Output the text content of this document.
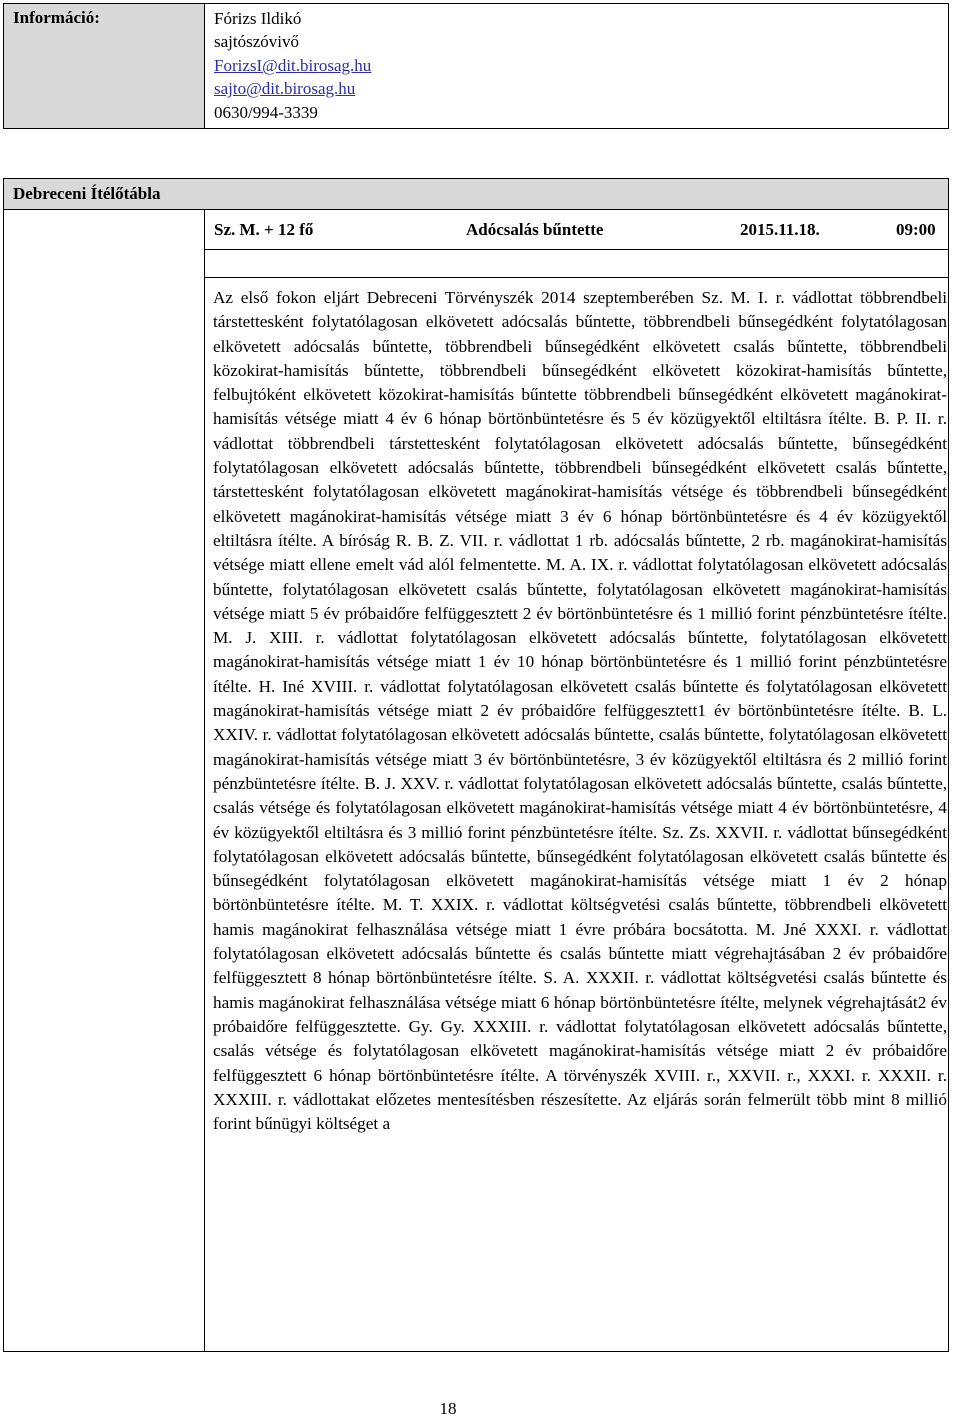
Információ:	Fórizs Ildikó
sajtószóvivő
ForizsI@dit.birosag.hu
sajto@dit.birosag.hu
0630/994-3339
Debreceni Ítélőtábla
Sz. M. + 12 fő	Adócsalás bűntette	2015.11.18.	09:00
Az első fokon eljárt Debreceni Törvényszék 2014 szeptemberében Sz. M. I. r. vádlottat többrendbeli társtettesként folytatólagosan elkövetett adócsalás bűntette, többrendbeli bűnsegédként folytatólagosan elkövetett adócsalás bűntette, többrendbeli bűnsegédként elkövetett csalás bűntette, többrendbeli közokirat-hamisítás bűntette, többrendbeli bűnsegédként elkövetett közokirat-hamisítás bűntette, felbujtóként elkövetett közokirat-hamisítás bűntette többrendbeli bűnsegédként elkövetett magánokirat-hamisítás vétsége miatt 4 év 6 hónap börtönbüntetésre és 5 év közügyektől eltiltásra ítélte. B. P. II. r. vádlottat többrendbeli társtettesként folytatólagosan elkövetett adócsalás bűntette, bűnsegédként folytatólagosan elkövetett adócsalás bűntette, többrendbeli bűnsegédként elkövetett csalás bűntette, társtettesként folytatólagosan elkövetett magánokirat-hamisítás vétsége és többrendbeli bűnsegédként elkövetett magánokirat-hamisítás vétsége miatt 3 év 6 hónap börtönbüntetésre és 4 év közügyektől eltiltásra ítélte. A bíróság R. B. Z. VII. r. vádlottat 1 rb. adócsalás bűntette, 2 rb. magánokirat-hamisítás vétsége miatt ellene emelt vád alól felmentette. M. A. IX. r. vádlottat folytatólagosan elkövetett adócsalás bűntette, folytatólagosan elkövetett csalás bűntette, folytatólagosan elkövetett magánokirat-hamisítás vétsége miatt 5 év próbaidőre felfüggesztett 2 év börtönbüntetésre és 1 millió forint pénzbüntetésre ítélte. M. J. XIII. r. vádlottat folytatólagosan elkövetett adócsalás bűntette, folytatólagosan elkövetett magánokirat-hamisítás vétsége miatt 1 év 10 hónap börtönbüntetésre és 1 millió forint pénzbüntetésre ítélte. H. Iné XVIII. r. vádlottat folytatólagosan elkövetett csalás bűntette és folytatólagosan elkövetett magánokirat-hamisítás vétsége miatt 2 év próbaidőre felfüggesztett1 év börtönbüntetésre ítélte. B. L. XXIV. r. vádlottat folytatólagosan elkövetett adócsalás bűntette, csalás bűntette, folytatólagosan elkövetett magánokirat-hamisítás vétsége miatt 3 év börtönbüntetésre, 3 év közügyektől eltiltásra és 2 millió forint pénzbüntetésre ítélte. B. J. XXV. r. vádlottat folytatólagosan elkövetett adócsalás bűntette, csalás bűntette, csalás vétsége és folytatólagosan elkövetett magánokirat-hamisítás vétsége miatt 4 év börtönbüntetésre, 4 év közügyektől eltiltásra és 3 millió forint pénzbüntetésre ítélte. Sz. Zs. XXVII. r. vádlottat bűnsegédként folytatólagosan elkövetett adócsalás bűntette, bűnsegédként folytatólagosan elkövetett csalás bűntette és bűnsegédként folytatólagosan elkövetett magánokirat-hamisítás vétsége miatt 1 év 2 hónap börtönbüntetésre ítélte. M. T. XXIX. r. vádlottat költségvetési csalás bűntette, többrendbeli elkövetett hamis magánokirat felhasználása vétsége miatt 1 évre próbára bocsátotta. M. Jné XXXI. r. vádlottat folytatólagosan elkövetett adócsalás bűntette és csalás bűntette miatt végrehajtásában 2 év próbaidőre felfüggesztett 8 hónap börtönbüntetésre ítélte. S. A. XXXII. r. vádlottat költségvetési csalás bűntette és hamis magánokirat felhasználása vétsége miatt 6 hónap börtönbüntetésre ítélte, melynek végrehajtását2 év próbaidőre felfüggesztette. Gy. Gy. XXXIII. r. vádlottat folytatólagosan elkövetett adócsalás bűntette, csalás vétsége és folytatólagosan elkövetett magánokirat-hamisítás vétsége miatt 2 év próbaidőre felfüggesztett 6 hónap börtönbüntetésre ítélte. A törvényszék XVIII. r., XXVII. r., XXXI. r. XXXII. r. XXXIII. r. vádlottakat előzetes mentesítésben részesítette. Az eljárás során felmerült több mint 8 millió forint bűnügyi költséget a
18
